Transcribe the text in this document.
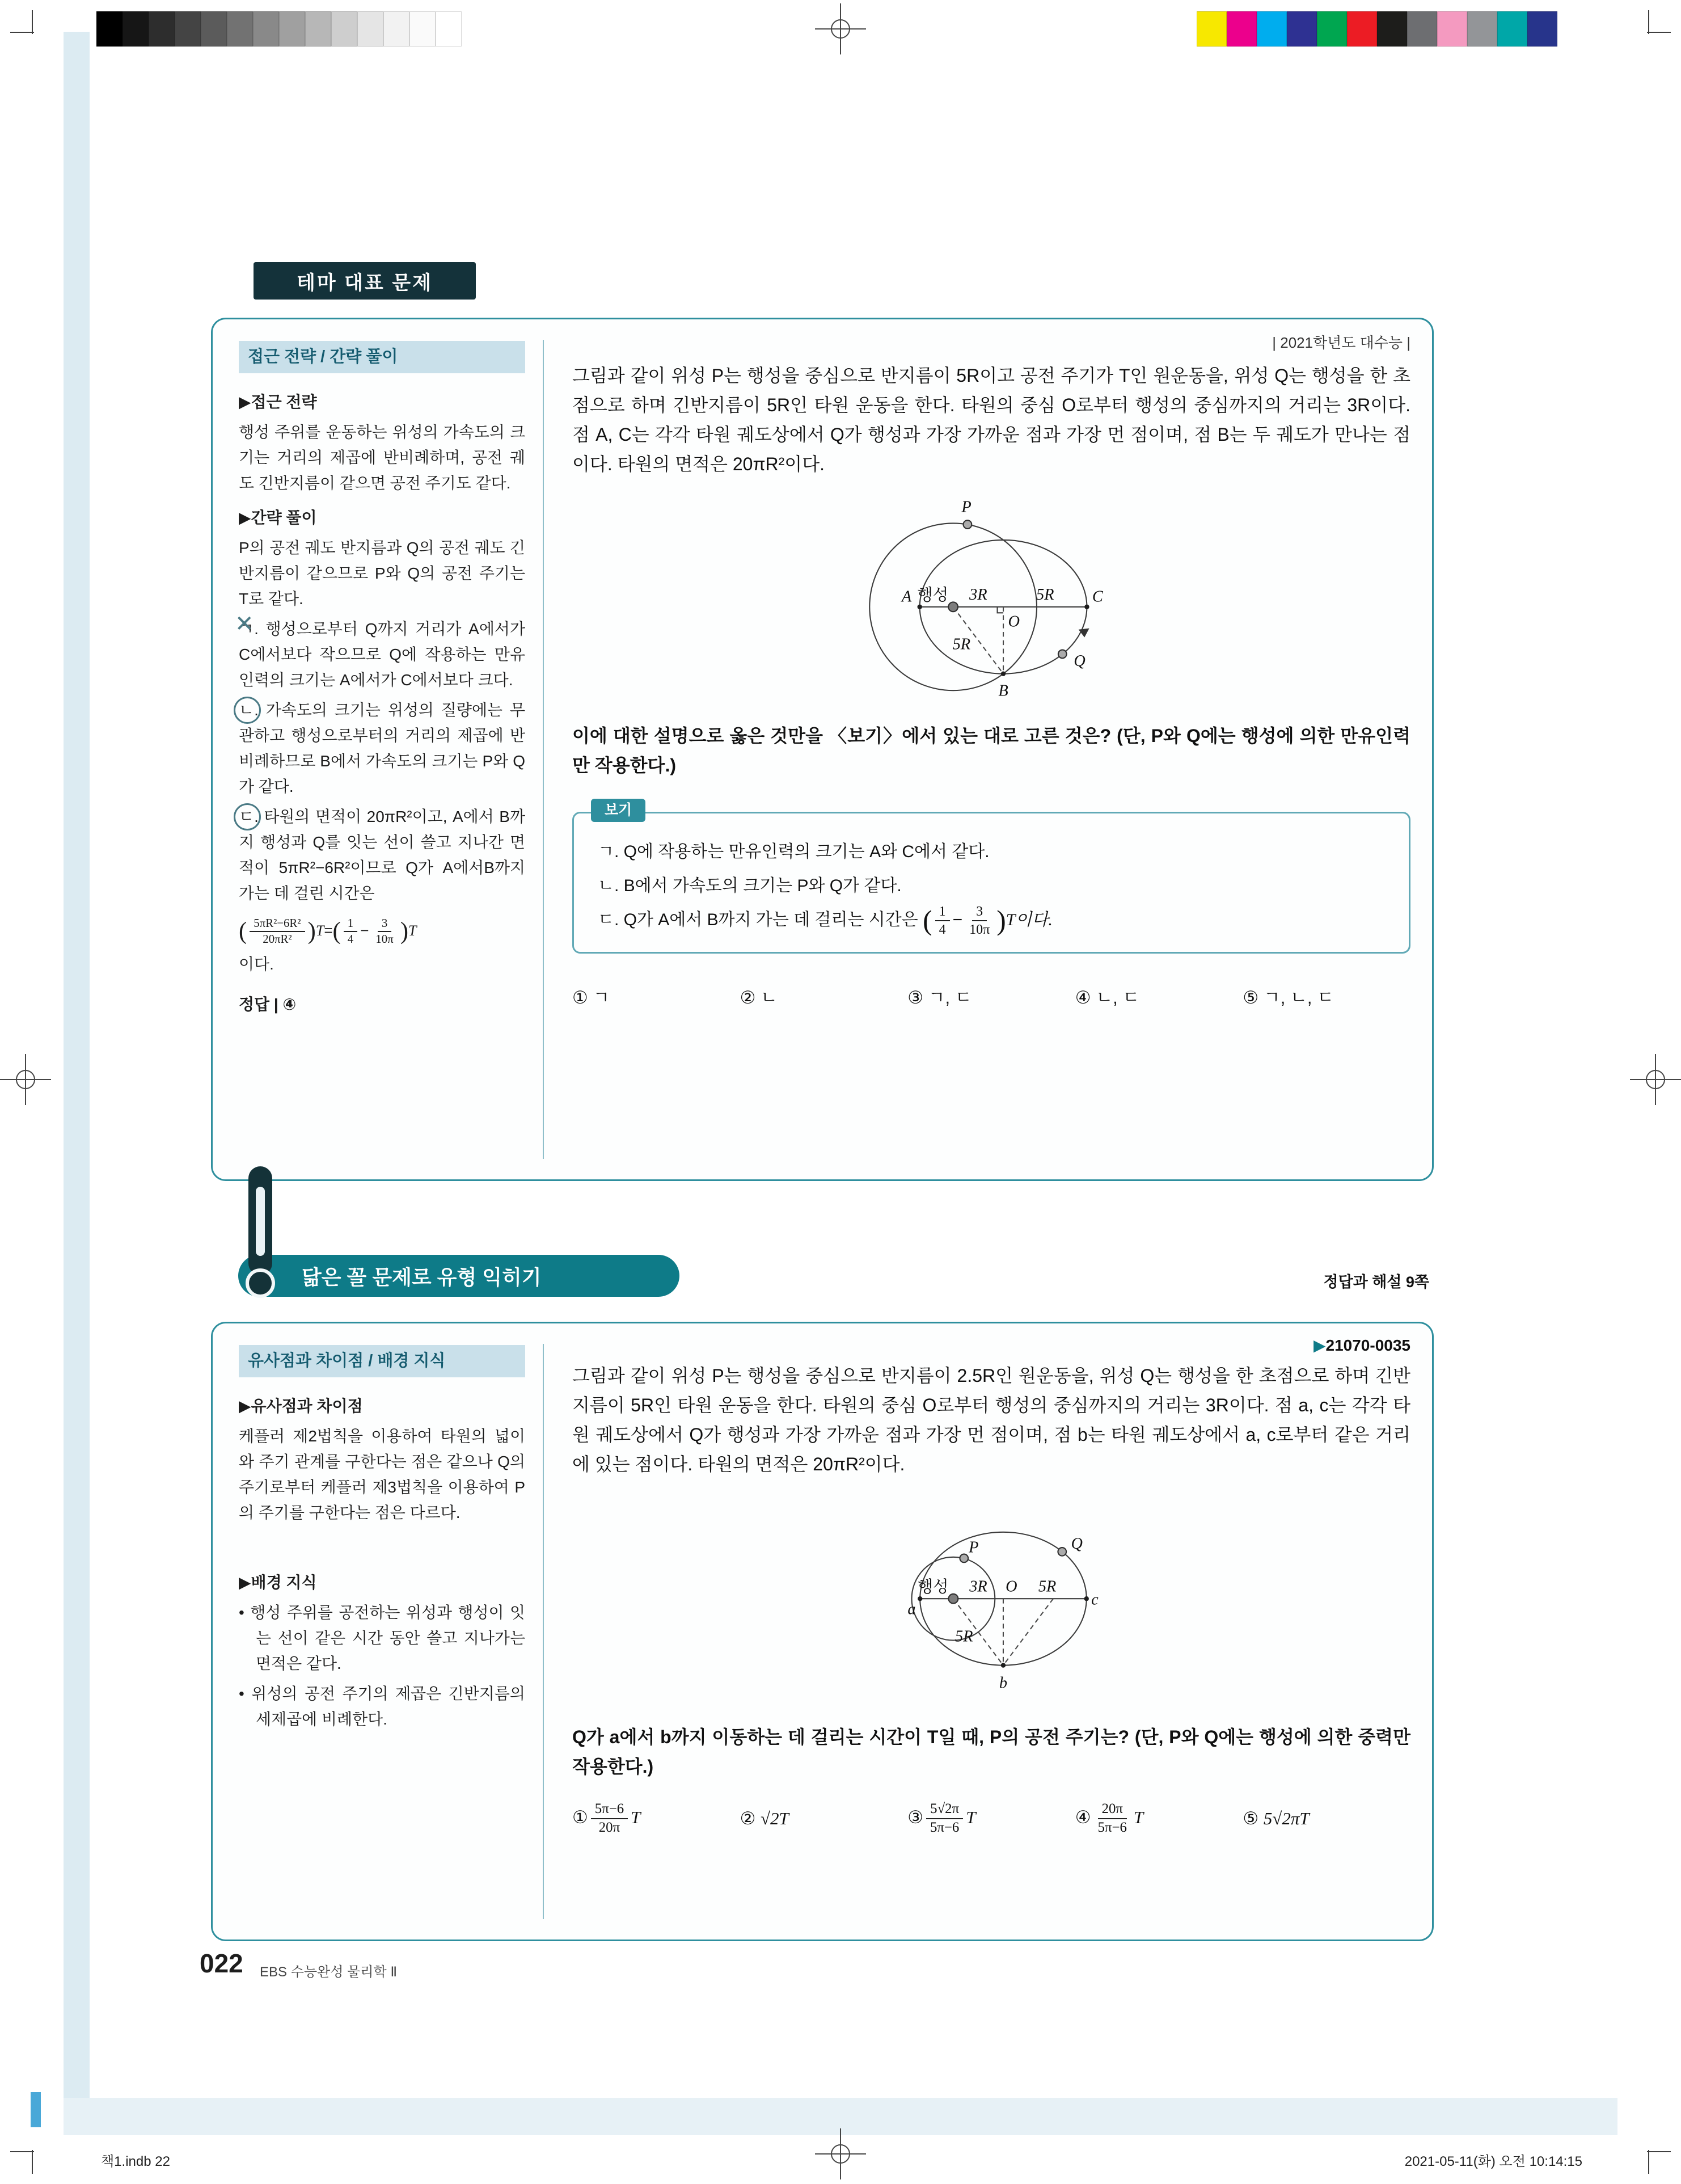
테마 대표 문제
접근 전략 / 간략 풀이

▶접근 전략

행성 주위를 운동하는 위성의 가속도의 크기는 거리의 제곱에 반비례하며, 공전 궤도 긴반지름이 같으면 공전 주기도 같다.

▶간략 풀이

P의 공전 궤도 반지름과 Q의 공전 궤도 긴반지름이 같으므로 P와 Q의 공전 주기는 T로 같다.

ㄱ ✕. 행성으로부터 Q까지 거리가 A에서가 C에서보다 작으므로 Q에 작용하는 만유인력의 크기는 A에서가 C에서보다 크다.

ㄴ. 가속도의 크기는 위성의 질량에는 무관하고 행성으로부터의 거리의 제곱에 반비례하므로 B에서 가속도의 크기는 P와 Q가 같다.

ㄷ. 타원의 면적이 20πR²이고, A에서 B까지 행성과 Q를 잇는 선이 쓸고 지나간 면적이 5πR²−6R²이므로 Q가 A에서B까지 가는 데 걸린 시간은

( $\frac{\text{5πR²−6R²}}{\text{20πR²}} )T=( \frac{1}{4} - \frac{3}{10\pi} )T$

이다.

정답 | ④

| 2021학년도 대수능 |

그림과 같이 위성 P는 행성을 중심으로 반지름이 5R이고 공전 주기가 T인 원운동을, 위성 Q는 행성을 한 초점으로 하며 긴반지름이 5R인 타원 운동을 한다. 타원의 중심 O로부터 행성의 중심까지의 거리는 3R이다. 점 A, C는 각각 타원 궤도상에서 Q가 행성과 가장 가까운 점과 가장 먼 점이며, 점 B는 두 궤도가 만나는 점이다. 타원의 면적은 20πR²이다.

P
행성 3R
O
5R
A	C
5R
B
Q

이에 대한 설명으로 옳은 것만을 〈보기〉에서 있는 대로 고른 것은? (단, P와 Q에는 행성에 의한 만유인력만 작용한다.)

보기

ㄱ. Q에 작용하는 만유인력의 크기는 A와 C에서 같다.

ㄴ. B에서 가속도의 크기는 P와 Q가 같다.

ㄷ. Q가 A에서 B까지 가는 데 걸리는 시간은 ( $\frac{1}{4} - \frac{3}{10\pi} )T$이다.

① ㄱ	② ㄴ	③ ㄱ, ㄷ	④ ㄴ, ㄷ	⑤ ㄱ, ㄴ, ㄷ
닮은 꼴 문제로 유형 익히기	정답과 해설 9쪽
유사점과 차이점 / 배경 지식

▶유사점과 차이점

케플러 제2법칙을 이용하여 타원의 넓이와 주기 관계를 구한다는 점은 같으나 Q의 주기로부터 케플러 제3법칙을 이용하여 P의 주기를 구한다는 점은 다르다.

▶배경 지식

• 행성 주위를 공전하는 위성과 행성이 잇는 선이 같은 시간 동안 쓸고 지나가는 면적은 같다.

• 위성의 공전 주기의 제곱은 긴반지름의 세제곱에 비례한다.

▶21070-0035

그림과 같이 위성 P는 행성을 중심으로 반지름이 2.5R인 원운동을, 위성 Q는 행성을 한 초점으로 하며 긴반지름이 5R인 타원 운동을 한다. 타원의 중심 O로부터 행성의 중심까지의 거리는 3R이다. 점 a, c는 각각 타원 궤도상에서 Q가 행성과 가장 가까운 점과 가장 먼 점이며, 점 b는 타원 궤도상에서 a, c로부터 같은 거리에 있는 점이다. 타원의 면적은 20πR²이다.

P	Q
행성 3R O 5R
a
c
5R
b

Q가 a에서 b까지 이동하는 데 걸리는 시간이 T일 때, P의 공전 주기는? (단, P와 Q에는 행성에 의한 중력만 작용한다.)

① $\frac{5\pi-6}{20\pi}$ T	② √2T	③ $\frac{5√2\pi}{5\pi-6}$ T	④ $\frac{20\pi}{5\pi-6}$ T	⑤ 5√2πT
022 EBS 수능완성 물리학 Ⅱ
책1.indb 22	2021-05-11(화) 오전 10:14:15
